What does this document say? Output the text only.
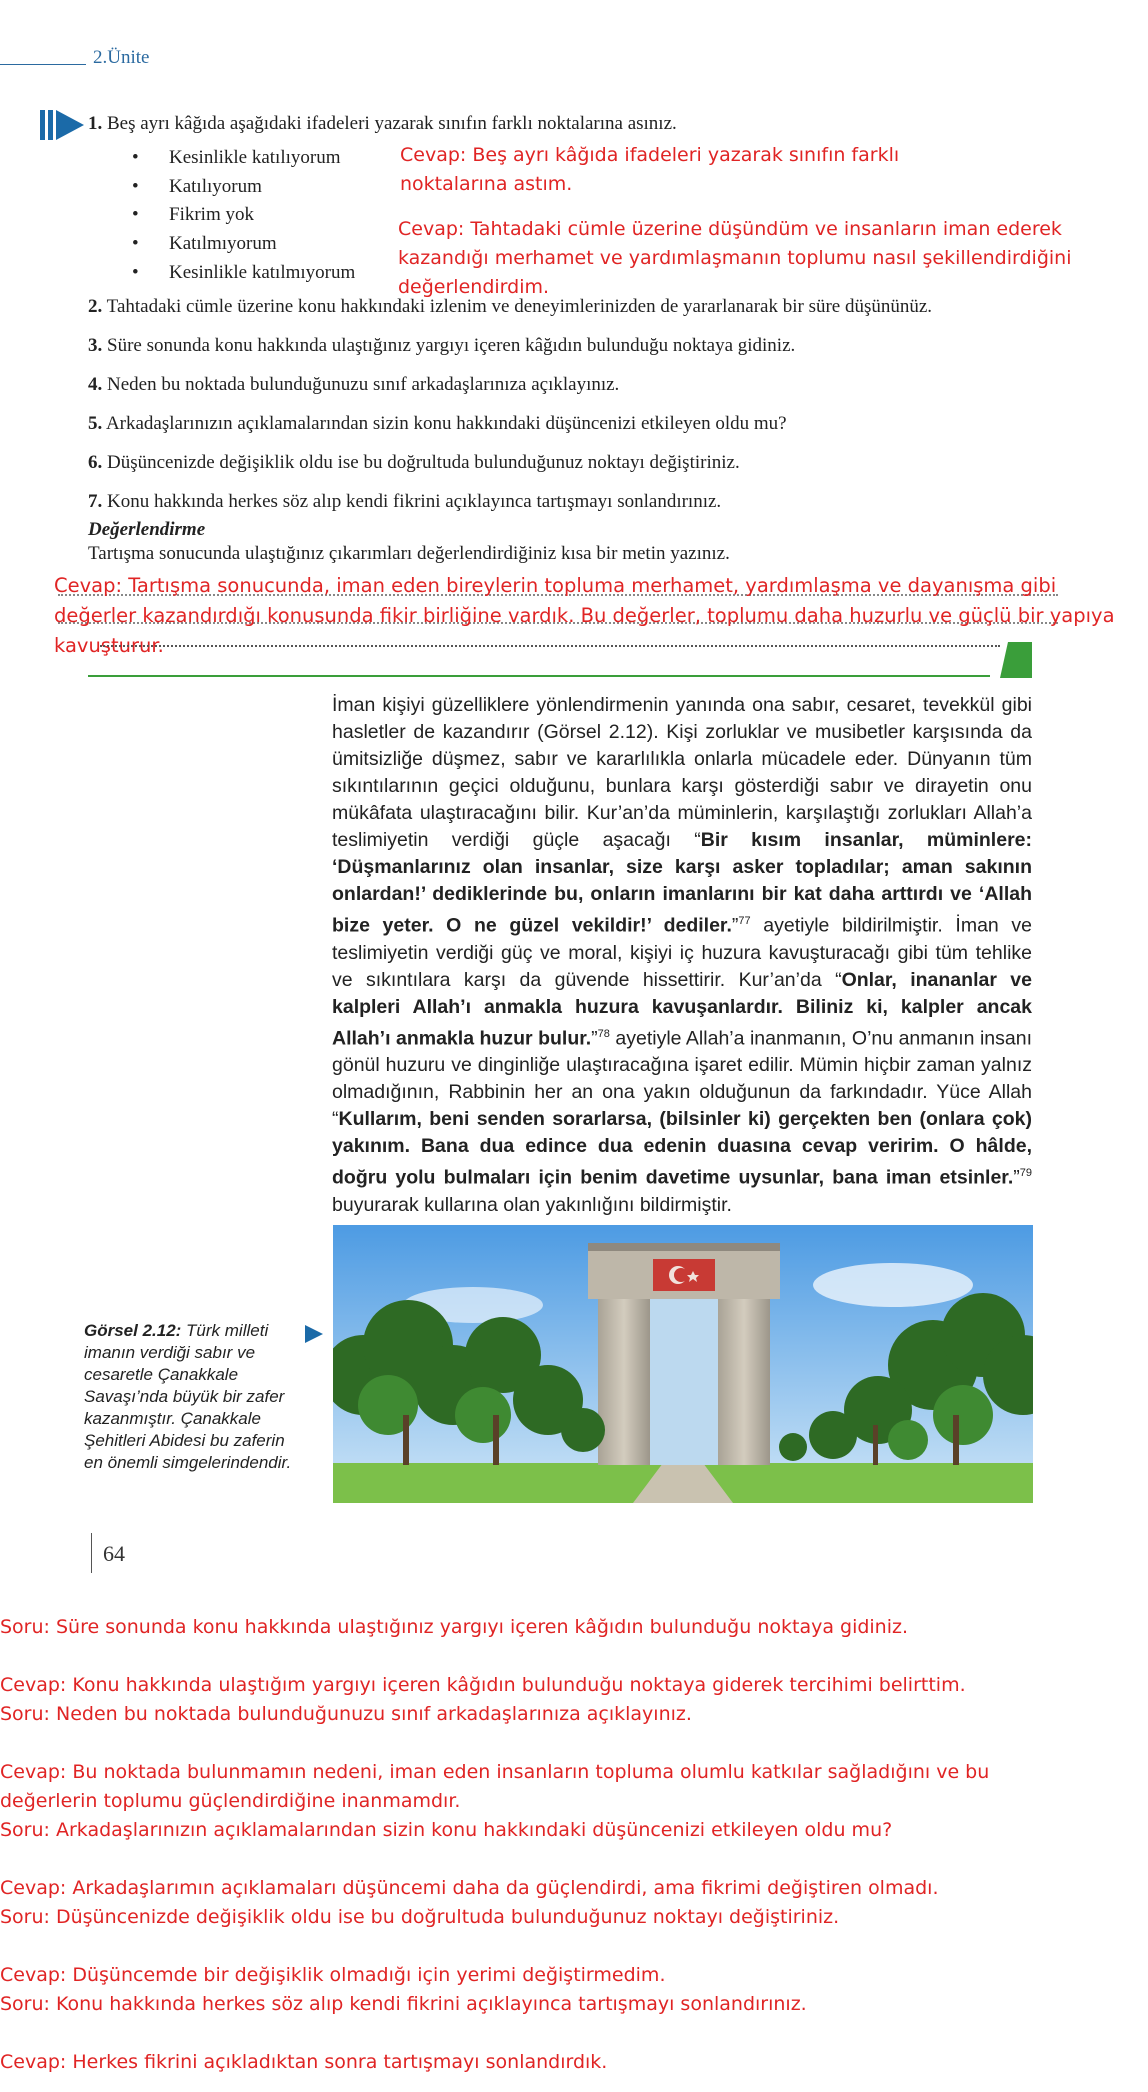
2.Ünite
1. Beş ayrı kâğıda aşağıdaki ifadeleri yazarak sınıfın farklı noktalarına asınız.
• Kesinlikle katılıyorum
• Katılıyorum
• Fikrim yok
• Katılmıyorum
• Kesinlikle katılmıyorum
Cevap: Beş ayrı kâğıda ifadeleri yazarak sınıfın farklı noktalarına astım.
Cevap: Tahtadaki cümle üzerine düşündüm ve insanların iman ederek kazandığı merhamet ve yardımlaşmanın toplumu nasıl şekillendirdiğini değerlendirdim.
2. Tahtadaki cümle üzerine konu hakkındaki izlenim ve deneyimlerinizden de yararlanarak bir süre düşününüz.
3. Süre sonunda konu hakkında ulaştığınız yargıyı içeren kâğıdın bulunduğu noktaya gidiniz.
4. Neden bu noktada bulunduğunuzu sınıf arkadaşlarınıza açıklayınız.
5. Arkadaşlarınızın açıklamalarından sizin konu hakkındaki düşüncenizi etkileyen oldu mu?
6. Düşüncenizde değişiklik oldu ise bu doğrultuda bulunduğunuz noktayı değiştiriniz.
7. Konu hakkında herkes söz alıp kendi fikrini açıklayınca tartışmayı sonlandırınız.
Değerlendirme
Tartışma sonucunda ulaştığınız çıkarımları değerlendirdiğiniz kısa bir metin yazınız.
Cevap: Tartışma sonucunda, iman eden bireylerin topluma merhamet, yardımlaşma ve dayanışma gibi değerler kazandırdığı konusunda fikir birliğine vardık. Bu değerler, toplumu daha huzurlu ve güçlü bir yapıya kavuşturur.
İman kişiyi güzelliklere yönlendirmenin yanında ona sabır, cesaret, tevekkül gibi hasletler de kazandırır (Görsel 2.12). Kişi zorluklar ve musibetler karşısında da ümitsizliğe düşmez, sabır ve kararlılıkla onlarla mücadele eder. Dünyanın tüm sıkıntılarının geçici olduğunu, bunlara karşı gösterdiği sabır ve dirayetin onu mükâfata ulaştıracağını bilir. Kur’an’da müminlerin, karşılaştığı zorlukları Allah’a teslimiyetin verdiği güçle aşacağı “Bir kısım insanlar, müminlere: ‘Düşmanlarınız olan insanlar, size karşı asker topladılar; aman sakının onlardan!’ dediklerinde bu, onların imanlarını bir kat daha arttırdı ve ‘Allah bize yeter. O ne güzel vekildir!’ dediler.”$^{77}$ ayetiyle bildirilmiştir. İman ve teslimiyetin verdiği güç ve moral, kişiyi iç huzura kavuşturacağı gibi tüm tehlike ve sıkıntılara karşı da güvende hissettirir. Kur’an’da “Onlar, inananlar ve kalpleri Allah’ı anmakla huzura kavuşanlardır. Biliniz ki, kalpler ancak Allah’ı anmakla huzur bulur.”$^{78}$ ayetiyle Allah’a inanmanın, O’nu anmanın insanı gönül huzuru ve dinginliğe ulaştıracağına işaret edilir. Mümin hiçbir zaman yalnız olmadığının, Rabbinin her an ona yakın olduğunun da farkındadır. Yüce Allah “Kullarım, beni senden sorarlarsa, (bilsinler ki) gerçekten ben (onlara çok) yakınım. Bana dua edince dua edenin duasına cevap veririm. O hâlde, doğru yolu bulmaları için benim davetime uysunlar, bana iman etsinler.”$^{79}$ buyurarak kullarına olan yakınlığını bildirmiştir.
Görsel 2.12: Türk milleti imanın verdiği sabır ve cesaretle Çanakkale Savaşı’nda büyük bir zafer kazanmıştır. Çanakkale Şehitleri Abidesi bu zaferin en önemli simgelerindendir.
64
Soru: Süre sonunda konu hakkında ulaştığınız yargıyı içeren kâğıdın bulunduğu noktaya gidiniz.
Cevap: Konu hakkında ulaştığım yargıyı içeren kâğıdın bulunduğu noktaya giderek tercihimi belirttim.
Soru: Neden bu noktada bulunduğunuzu sınıf arkadaşlarınıza açıklayınız.
Cevap: Bu noktada bulunmamın nedeni, iman eden insanların topluma olumlu katkılar sağladığını ve bu
değerlerin toplumu güçlendirdiğine inanmamdır.
Soru: Arkadaşlarınızın açıklamalarından sizin konu hakkındaki düşüncenizi etkileyen oldu mu?
Cevap: Arkadaşlarımın açıklamaları düşüncemi daha da güçlendirdi, ama fikrimi değiştiren olmadı.
Soru: Düşüncenizde değişiklik oldu ise bu doğrultuda bulunduğunuz noktayı değiştiriniz.
Cevap: Düşüncemde bir değişiklik olmadığı için yerimi değiştirmedim.
Soru: Konu hakkında herkes söz alıp kendi fikrini açıklayınca tartışmayı sonlandırınız.
Cevap: Herkes fikrini açıkladıktan sonra tartışmayı sonlandırdık.
